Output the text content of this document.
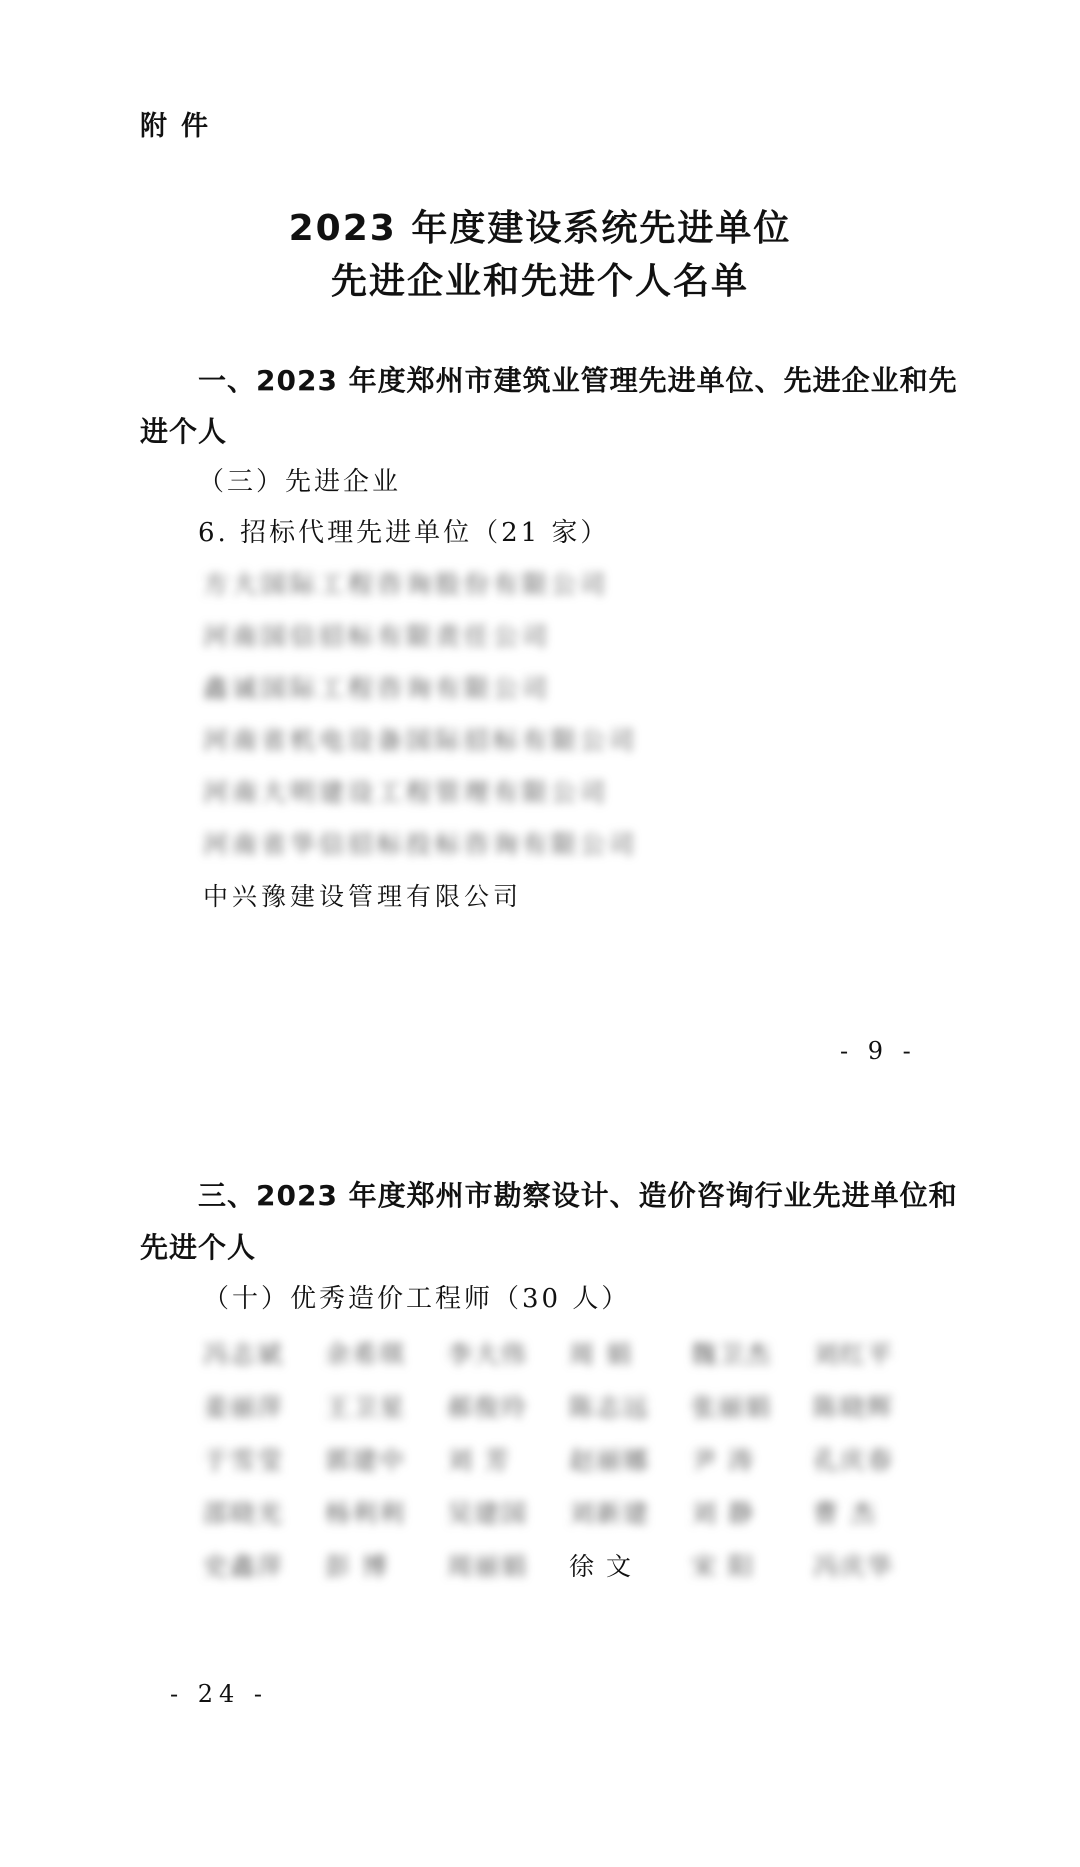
附件
2023 年度建设系统先进单位
先进企业和先进个人名单
一、2023 年度郑州市建筑业管理先进单位、先进企业和先
进个人
（三）先进企业
6. 招标代理先进单位（21 家）
方大国际工程咨询股份有限公司
河南国信招标有限责任公司
鑫诚国际工程咨询有限公司
河南省机电设备国际招标有限公司
河南大明建设工程管理有限公司
河南省华信招标投标咨询有限公司
中兴豫建设管理有限公司
- 9 -
三、2023 年度郑州市勘察设计、造价咨询行业先进单位和
先进个人
（十）优秀造价工程师（30 人）
冯志斌	余希琪	李大伟	周 娟	魏卫杰	刘红平
姜丽萍	王卫星	郝俊玲	陈志远	张丽娟	陈晓辉
于雪莹	郭建中	刘 芳	赵丽娜	尹 涛	孔庆春
邵晓光	杨利利	吴建国	刘新建	刘 静	曹 杰
史鑫萍	彭 博	周丽娟	徐 文	宋 阳	冯庆华
- 24 -
